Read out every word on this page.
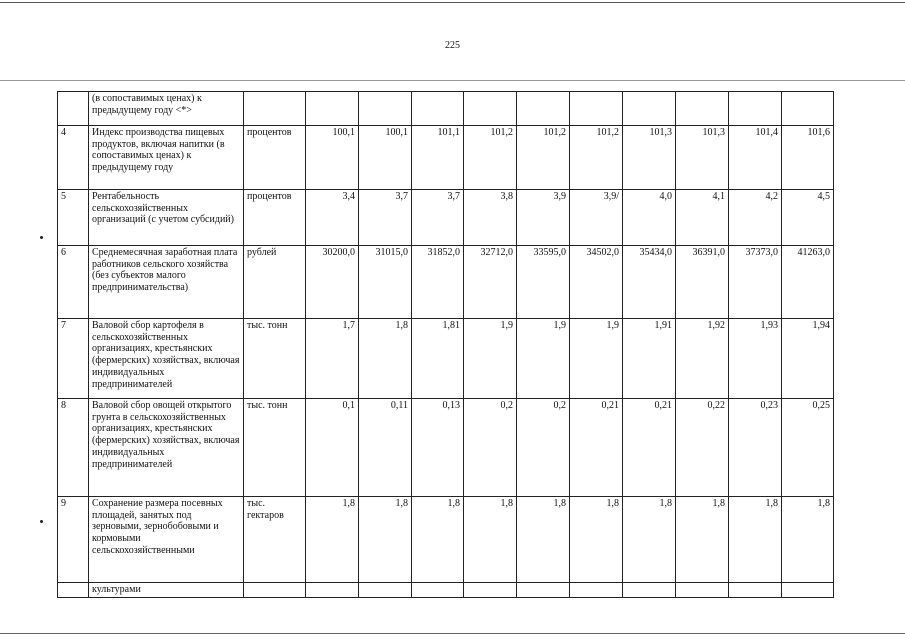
225
	(в сопоставимых ценах) к предыдущему году <*>											
4	Индекс производства пищевых продуктов, включая напитки (в сопоставимых ценах) к предыдущему году	процентов	100,1	100,1	101,1	101,2	101,2	101,2	101,3	101,3	101,4	101,6
5	Рентабельность сельскохозяйственных организаций (с учетом субсидий)	процентов	3,4	3,7	3,7	3,8	3,9	3,9/	4,0	4,1	4,2	4,5
6	Среднемесячная заработная плата работников сельского хозяйства (без субъектов малого предпринимательства)	рублей	30200,0	31015,0	31852,0	32712,0	33595,0	34502,0	35434,0	36391,0	37373,0	41263,0
7	Валовой сбор картофеля в сельскохозяйственных организациях, крестьянских (фермерских) хозяйствах, включая индивидуальных предпринимателей	тыс. тонн	1,7	1,8	1,81	1,9	1,9	1,9	1,91	1,92	1,93	1,94
8	Валовой сбор овощей открытого грунта в сельскохозяйственных организациях, крестьянских (фермерских) хозяйствах, включая индивидуальных предпринимателей	тыс. тонн	0,1	0,11	0,13	0,2	0,2	0,21	0,21	0,22	0,23	0,25
9	Сохранение размера посевных площадей, занятых под зерновыми, зернобобовыми и кормовыми сельскохозяйственными	тыс. гектаров	1,8	1,8	1,8	1,8	1,8	1,8	1,8	1,8	1,8	1,8
	культурами											
